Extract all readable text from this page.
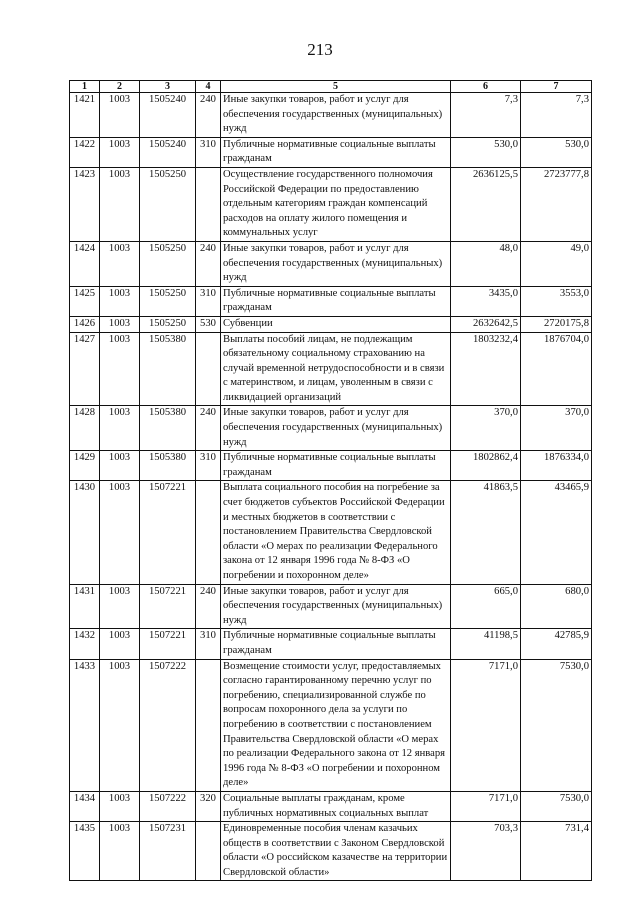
213
1	2	3	4	5	6	7
1421	1003	1505240	240	Иные закупки товаров, работ и услуг для обеспечения государственных (муниципальных) нужд	7,3	7,3
1422	1003	1505240	310	Публичные нормативные социальные выплаты гражданам	530,0	530,0
1423	1003	1505250		Осуществление государственного полномочия Российской Федерации по предоставлению отдельным категориям граждан компенсаций расходов на оплату жилого помещения и коммунальных услуг	2636125,5	2723777,8
1424	1003	1505250	240	Иные закупки товаров, работ и услуг для обеспечения государственных (муниципальных) нужд	48,0	49,0
1425	1003	1505250	310	Публичные нормативные социальные выплаты гражданам	3435,0	3553,0
1426	1003	1505250	530	Субвенции	2632642,5	2720175,8
1427	1003	1505380		Выплаты пособий лицам, не подлежащим обязательному социальному страхованию на случай временной нетрудоспособности и в связи с материнством, и лицам, уволенным в связи с ликвидацией организаций	1803232,4	1876704,0
1428	1003	1505380	240	Иные закупки товаров, работ и услуг для обеспечения государственных (муниципальных) нужд	370,0	370,0
1429	1003	1505380	310	Публичные нормативные социальные выплаты гражданам	1802862,4	1876334,0
1430	1003	1507221		Выплата социального пособия на погребение за счет бюджетов субъектов Российской Федерации и местных бюджетов в соответствии с постановлением Правительства Свердловской области «О мерах по реализации Федерального закона от 12 января 1996 года № 8-ФЗ «О погребении и похоронном деле»	41863,5	43465,9
1431	1003	1507221	240	Иные закупки товаров, работ и услуг для обеспечения государственных (муниципальных) нужд	665,0	680,0
1432	1003	1507221	310	Публичные нормативные социальные выплаты гражданам	41198,5	42785,9
1433	1003	1507222		Возмещение стоимости услуг, предоставляемых согласно гарантированному перечню услуг по погребению, специализированной службе по вопросам похоронного дела за услуги по погребению в соответствии с постановлением Правительства Свердловской области «О мерах по реализации Федерального закона от 12 января 1996 года № 8-ФЗ «О погребении и похоронном деле»	7171,0	7530,0
1434	1003	1507222	320	Социальные выплаты гражданам, кроме публичных нормативных социальных выплат	7171,0	7530,0
1435	1003	1507231		Единовременные пособия членам казачьих обществ в соответствии с Законом Свердловской области «О российском казачестве на территории Свердловской области»	703,3	731,4
